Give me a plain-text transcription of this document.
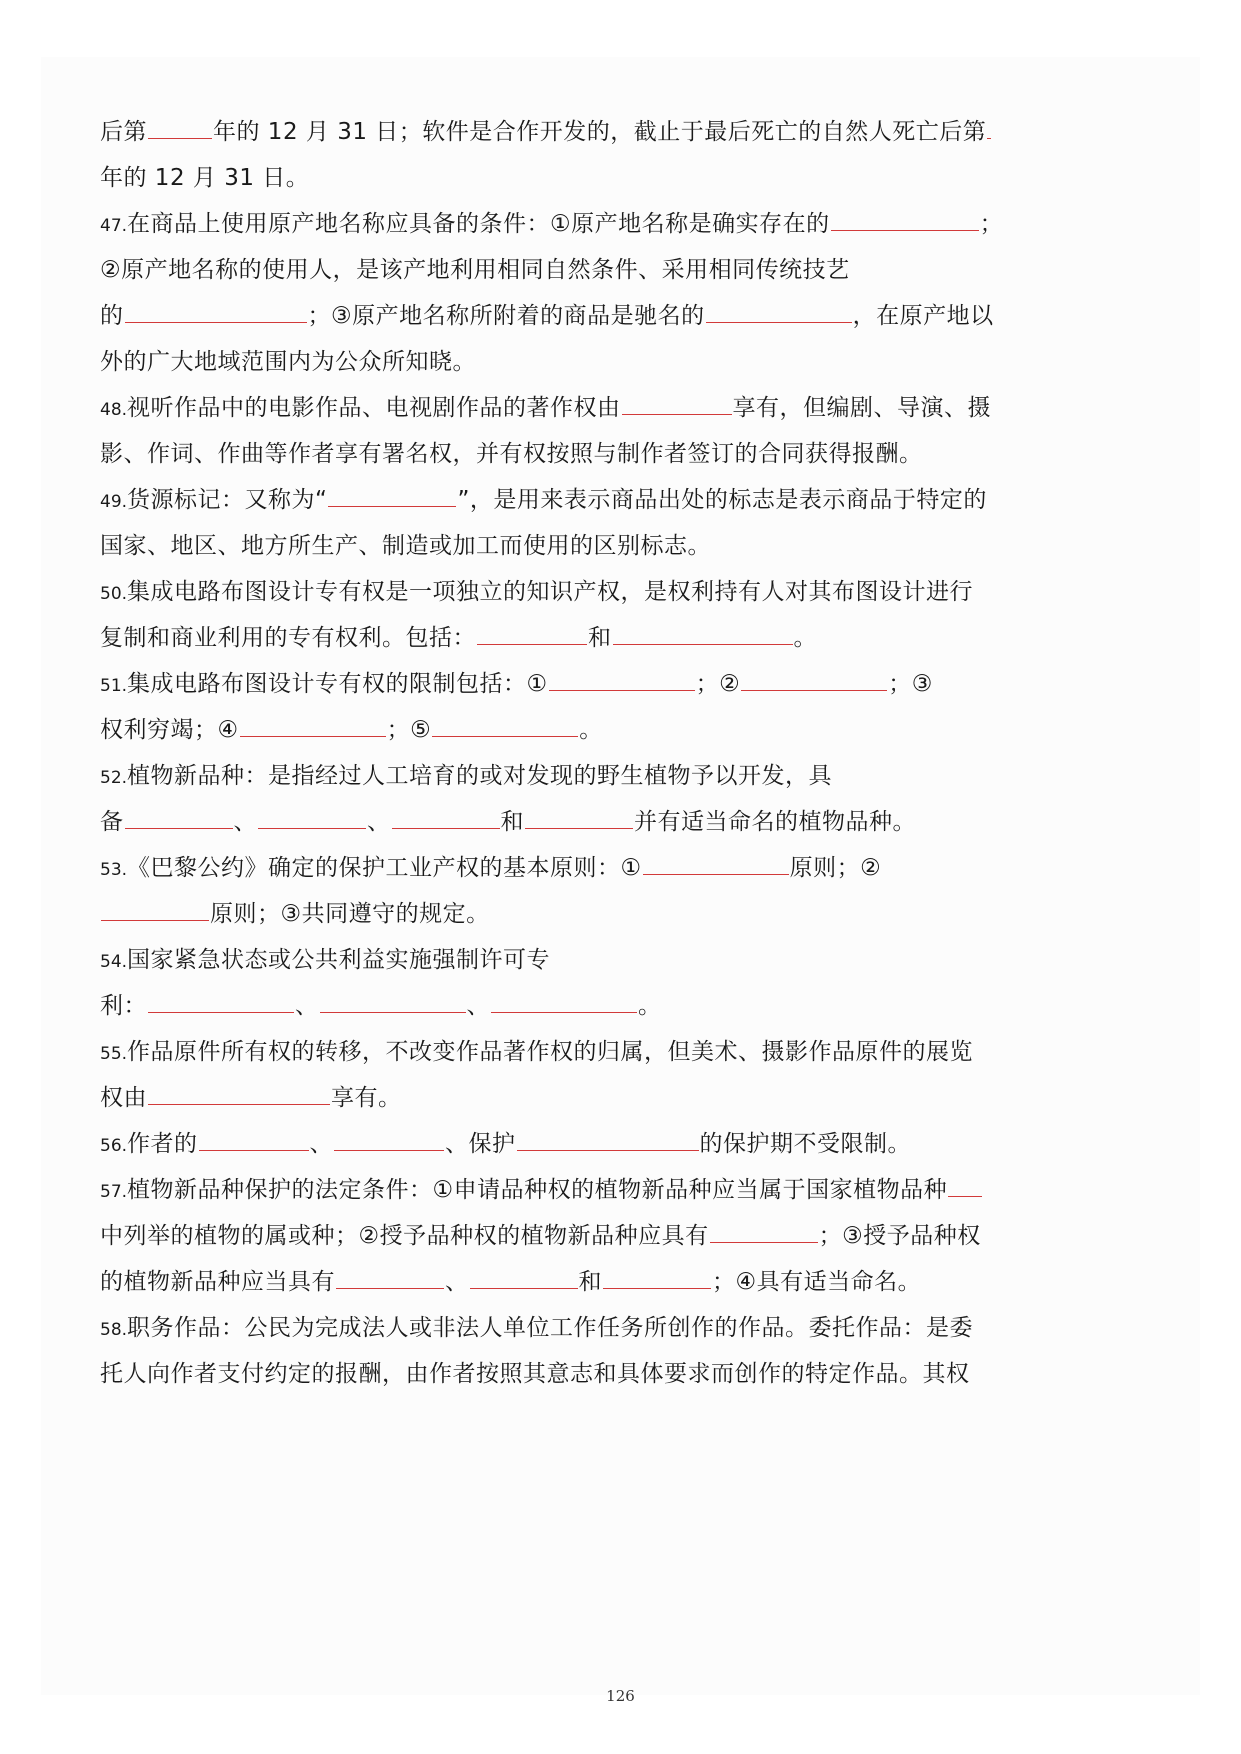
后第	年的 12 月 31 日；软件是合作开发的，截止于最后死亡的自然人死亡后第
年的 12 月 31 日。
47.在商品上使用原产地名称应具备的条件：①原产地名称是确实存在的	；
②原产地名称的使用人，是该产地利用相同自然条件、采用相同传统技艺
的	；③原产地名称所附着的商品是驰名的	，在原产地以
外的广大地域范围内为公众所知晓。
48.视听作品中的电影作品、电视剧作品的著作权由	享有，但编剧、导演、摄
影、作词、作曲等作者享有署名权，并有权按照与制作者签订的合同获得报酬。
49.货源标记：又称为“	”，是用来表示商品出处的标志是表示商品于特定的
国家、地区、地方所生产、制造或加工而使用的区别标志。
50.集成电路布图设计专有权是一项独立的知识产权，是权利持有人对其布图设计进行
复制和商业利用的专有权利。包括：	和	。
51.集成电路布图设计专有权的限制包括：①	；②	；③
权利穷竭；④	；⑤	。
52.植物新品种：是指经过人工培育的或对发现的野生植物予以开发，具
备	、	、	和	并有适当命名的植物品种。
53.《巴黎公约》确定的保护工业产权的基本原则：①	原则；②
原则；③共同遵守的规定。
54.国家紧急状态或公共利益实施强制许可专
利：	、	、	。
55.作品原件所有权的转移，不改变作品著作权的归属，但美术、摄影作品原件的展览
权由	享有。
56.作者的	、	、保护	的保护期不受限制。
57.植物新品种保护的法定条件：①申请品种权的植物新品种应当属于国家植物品种
中列举的植物的属或种；②授予品种权的植物新品种应具有	；③授予品种权
的植物新品种应当具有	、	和	；④具有适当命名。
58.职务作品：公民为完成法人或非法人单位工作任务所创作的作品。委托作品：是委
托人向作者支付约定的报酬，由作者按照其意志和具体要求而创作的特定作品。其权
126
